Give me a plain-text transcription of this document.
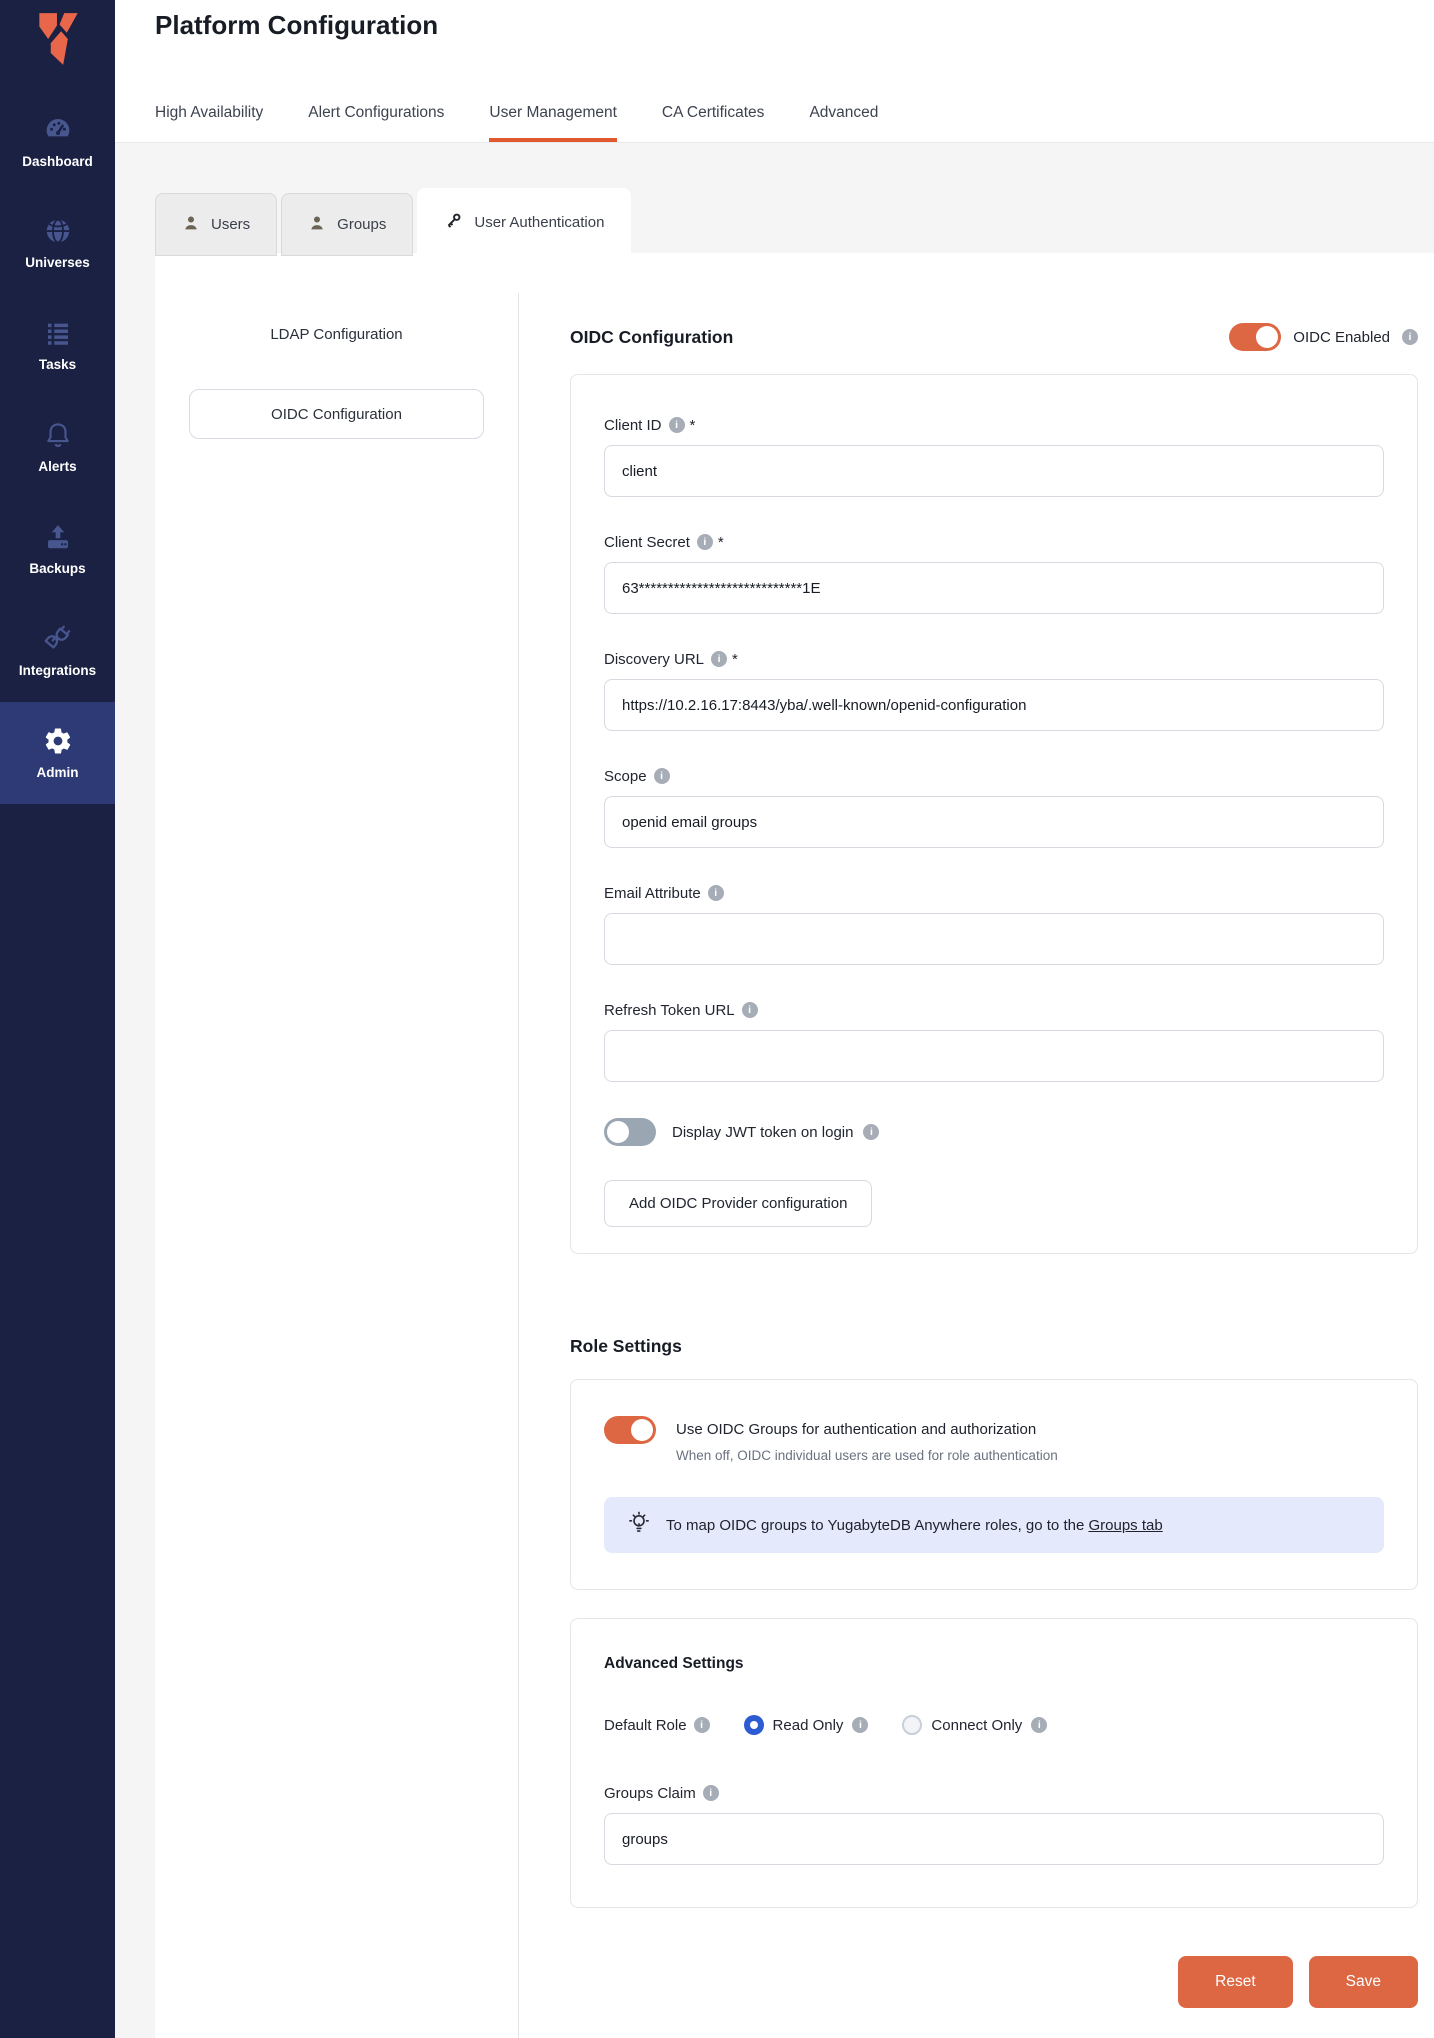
Dashboard
Universes
Tasks
Alerts
Backups
Integrations
Admin
Platform Configuration
High Availability	Alert Configurations	User Management	CA Certificates	Advanced
Users	Groups	User Authentication
LDAP Configuration
OIDC Configuration
OIDC Configuration	OIDC Enabled
i
Client ID i *
client
Client Secret i *
63****************************1E
Discovery URL i *
https://10.2.16.17:8443/yba/.well-known/openid-configuration
Scope
i
openid email groups
Email Attribute
i
Refresh Token URL
i
Display JWT token on login
i
Add OIDC Provider configuration
Role Settings
Use OIDC Groups for authentication and authorization
When off, OIDC individual users are used for role authentication
To map OIDC groups to YugabyteDB Anywhere roles, go to the Groups tab
Advanced Settings
Default Role i	Read Only i	Connect Only
i
Groups Claim
i
groups
Reset	Save
